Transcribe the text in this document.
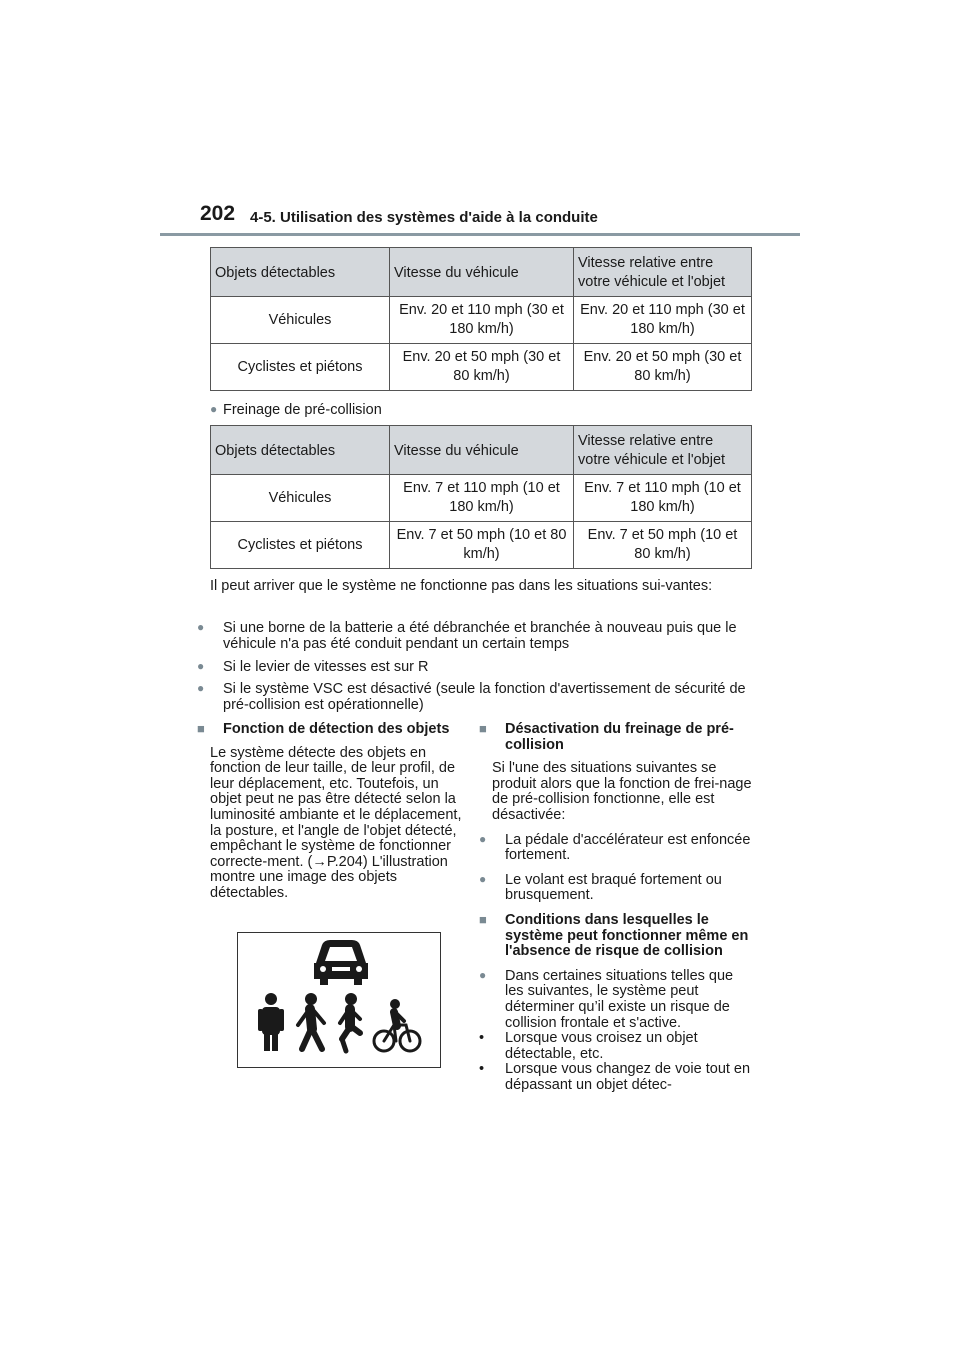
202 4-5. Utilisation des systèmes d'aide à la conduite
Objets détectables	Vitesse du véhicule	Vitesse relative entre votre véhicule et l'objet
Véhicules	Env. 20 et 110 mph (30 et 180 km/h)	Env. 20 et 110 mph (30 et 180 km/h)
Cyclistes et piétons	Env. 20 et 50 mph (30 et 80 km/h)	Env. 20 et 50 mph (30 et 80 km/h)
● Freinage de pré-collision
Objets détectables	Vitesse du véhicule	Vitesse relative entre votre véhicule et l'objet
Véhicules	Env. 7 et 110 mph (10 et 180 km/h)	Env. 7 et 110 mph (10 et 180 km/h)
Cyclistes et piétons	Env. 7 et 50 mph (10 et 80 km/h)	Env. 7 et 50 mph (10 et 80 km/h)
Il peut arriver que le système ne fonctionne pas dans les situations sui-vantes:
● Si une borne de la batterie a été débranchée et branchée à nouveau puis que le véhicule n'a pas été conduit pendant un certain temps
● Si le levier de vitesses est sur R
● Si le système VSC est désactivé (seule la fonction d'avertissement de sécurité de pré-collision est opérationnelle)

■ Fonction de détection des objets

Le système détecte des objets en fonction de leur taille, de leur profil, de leur déplacement, etc. Toutefois, un objet peut ne pas être détecté selon la luminosité ambiante et le déplacement, la posture, et l'angle de l'objet détecté, empêchant le système de fonctionner correcte-ment. (→P.204) L'illustration montre une image des objets détectables.

■ Désactivation du freinage de pré-collision

Si l'une des situations suivantes se produit alors que la fonction de frei-nage de pré-collision fonctionne, elle est désactivée:

● La pédale d'accélérateur est enfoncée fortement.

● Le volant est braqué fortement ou brusquement.

■ Conditions dans lesquelles le système peut fonctionner même en l'absence de risque de collision

● Dans certaines situations telles que les suivantes, le système peut déterminer qu’il existe un risque de collision frontale et s'active.

• Lorsque vous croisez un objet détectable, etc.

• Lorsque vous changez de voie tout en dépassant un objet détec-
